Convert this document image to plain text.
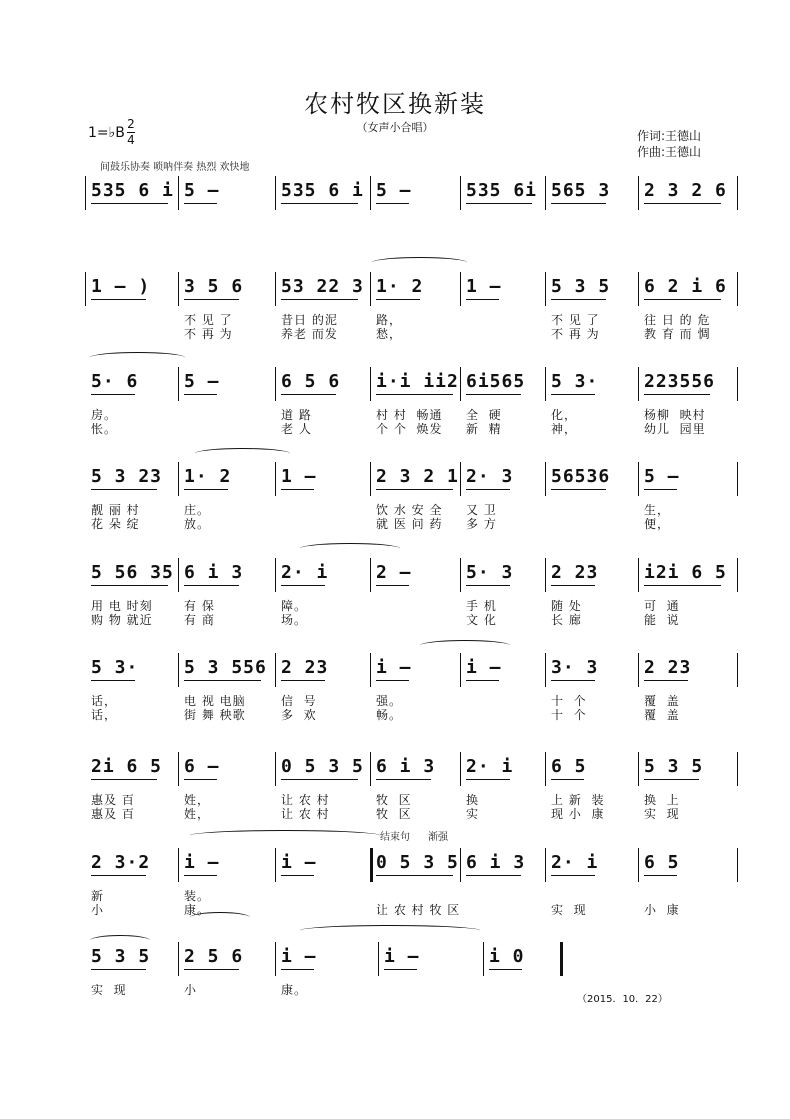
农村牧区换新装
（女声小合唱）
作词:王德山
作曲:王德山
1=♭B
2
4
间鼓乐协奏 唢呐伴奏 热烈 欢快地
结束句 渐强
（2015．10．22）
535 6 i 5 –	535 6 i 5 –	535 6i 565 3 2 3 2 6
1 – ) 3 5 6
不 见 了
不 再 为
53 22 3
昔日 的泥
养老 而发
1· 2
路，
愁，
1 –	5 3 5
不 见 了
不 再 为
6 2 i 6
往 日 的 危
教 育 而 惆
5· 6
房。
怅。
5 –	6 5 6
道 路
老 人
i·i ii2
村 村  畅通
个 个  焕发
6i565
全  硬
新  精
5 3·
化，
神，
223556
杨柳  映村
幼儿  园里
5 3 23
靓 丽 村
花 朵 绽
1· 2
庄。
放。
1 –	2 3 2 1
饮 水 安 全
就 医 问 药
2· 3
又 卫
多 方
56536 5 –
生，
便，
5 56 35
用 电 时刻
购 物 就近
6 i 3
有 保
有 商
2· i
障。
场。
2 –	5· 3
手 机
文 化
2 23
随 处
长 廊
i2i 6 5
可  通
能  说
5 3·
话，
话，
5 3 556
电 视 电脑
街 舞 秧歌
2 23
信  号
多  欢
i –
强。
畅。
i –	3· 3
十  个
十  个
2 23
覆  盖
覆  盖
2i 6 5
惠及 百
惠及 百
6 –
姓，
姓，
0 5 3 5
让 农 村
让 农 村
6 i 3
牧  区
牧  区
2· i
换
实
6 5
上 新  装
现 小  康
5 3 5
换  上
实  现
2 3·2
新
小
i –
装。
康。
i –	0 5 3 5
让 农 村 牧 区
6 i 3 2· i
实  现
6 5
小  康
5 3 5
实  现
2 5 6
小
i –
康。
i –	i 0
